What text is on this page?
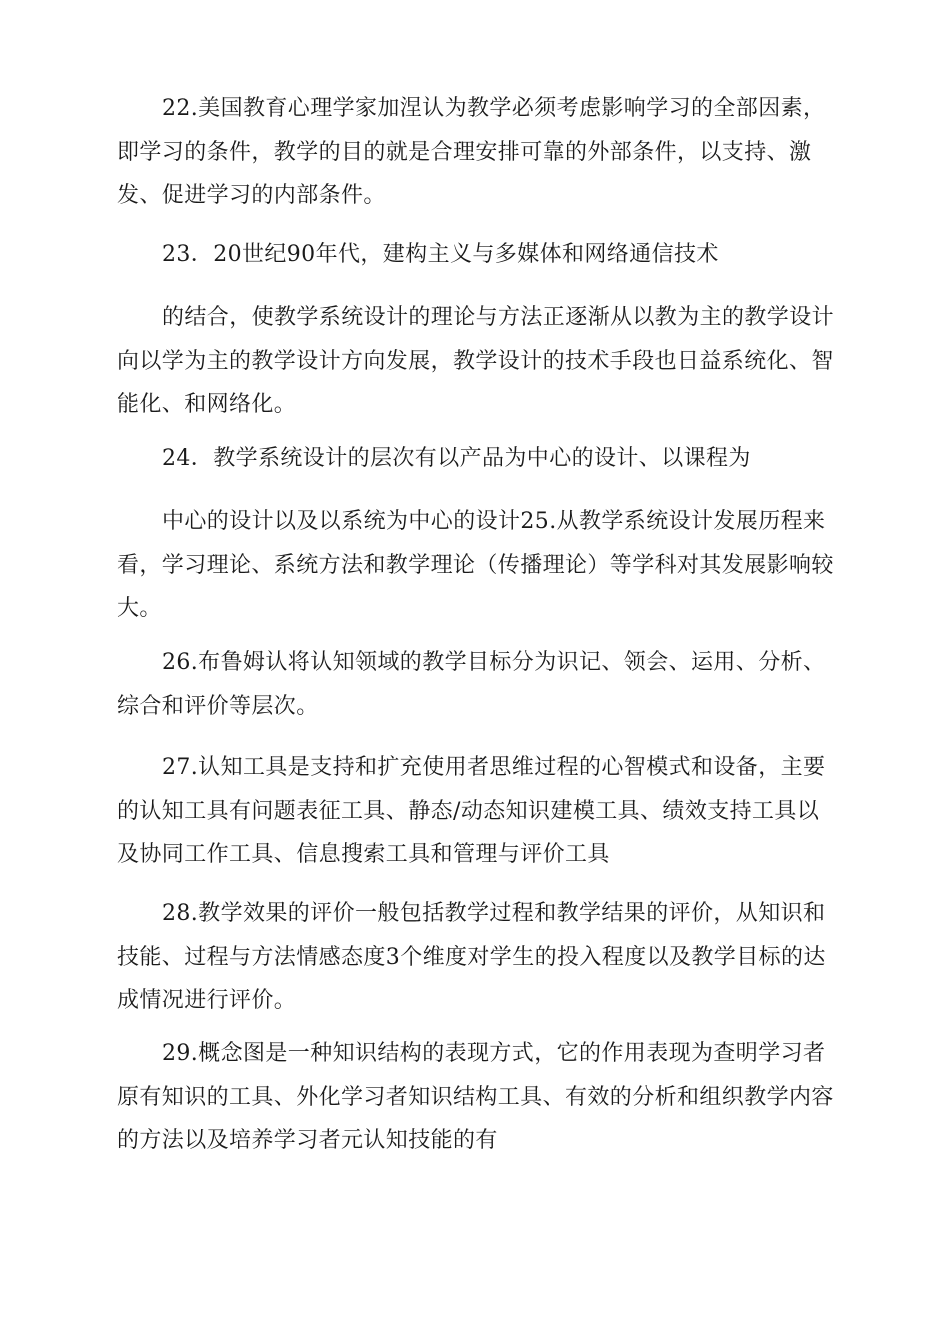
22.美国教育心理学家加涅认为教学必须考虑影响学习的全部因素，即学习的条件，教学的目的就是合理安排可靠的外部条件，以支持、激发、促进学习的内部条件。

23．20世纪90年代，建构主义与多媒体和网络通信技术

的结合，使教学系统设计的理论与方法正逐渐从以教为主的教学设计向以学为主的教学设计方向发展，教学设计的技术手段也日益系统化、智能化、和网络化。

24．教学系统设计的层次有以产品为中心的设计、以课程为

中心的设计以及以系统为中心的设计25.从教学系统设计发展历程来看，学习理论、系统方法和教学理论（传播理论）等学科对其发展影响较大。

26.布鲁姆认将认知领域的教学目标分为识记、领会、运用、分析、综合和评价等层次。

27.认知工具是支持和扩充使用者思维过程的心智模式和设备，主要的认知工具有问题表征工具、静态/动态知识建模工具、绩效支持工具以及协同工作工具、信息搜索工具和管理与评价工具

28.教学效果的评价一般包括教学过程和教学结果的评价，从知识和技能、过程与方法情感态度3个维度对学生的投入程度以及教学目标的达成情况进行评价。

29.概念图是一种知识结构的表现方式，它的作用表现为查明学习者原有知识的工具、外化学习者知识结构工具、有效的分析和组织教学内容的方法以及培养学习者元认知技能的有
